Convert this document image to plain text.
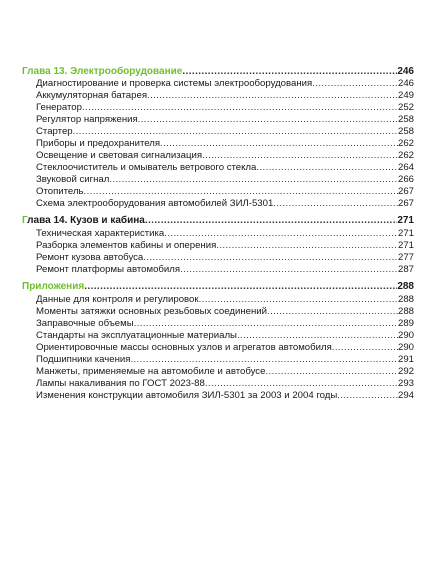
Глава 13. Электрооборудование .....	246
Диагностирование и проверка системы электрооборудования .....	246
Аккумуляторная батарея .....	249
Генератор .....	252
Регулятор напряжения .....	258
Стартер .....	258
Приборы и предохранителя .....	262
Освещение и световая сигнализация .....	262
Стеклоочиститель и омыватель ветрового стекла .....	264
Звуковой сигнал .....	266
Отопитель .....	267
Схема электрооборудования автомобилей ЗИЛ-5301 .....	267
Глава 14. Кузов и кабина .....	271
Техническая характеристика .....	271
Разборка элементов кабины и оперения .....	271
Ремонт кузова автобуса .....	277
Ремонт платформы автомобиля .....	287
Приложения .....	288
Данные для контроля и регулировок .....	288
Моменты затяжки основных резьбовых соединений .....	288
Заправочные объемы .....	289
Стандарты на эксплуатационные материалы .....	290
Ориентировочные массы основных узлов и агрегатов автомобиля .....	290
Подшипники качения .....	291
Манжеты, применяемые на автомобиле и автобусе .....	292
Лампы накаливания по ГОСТ 2023-88 .....	293
Изменения конструкции автомобиля ЗИЛ-5301 за 2003 и 2004 годы .....	294
